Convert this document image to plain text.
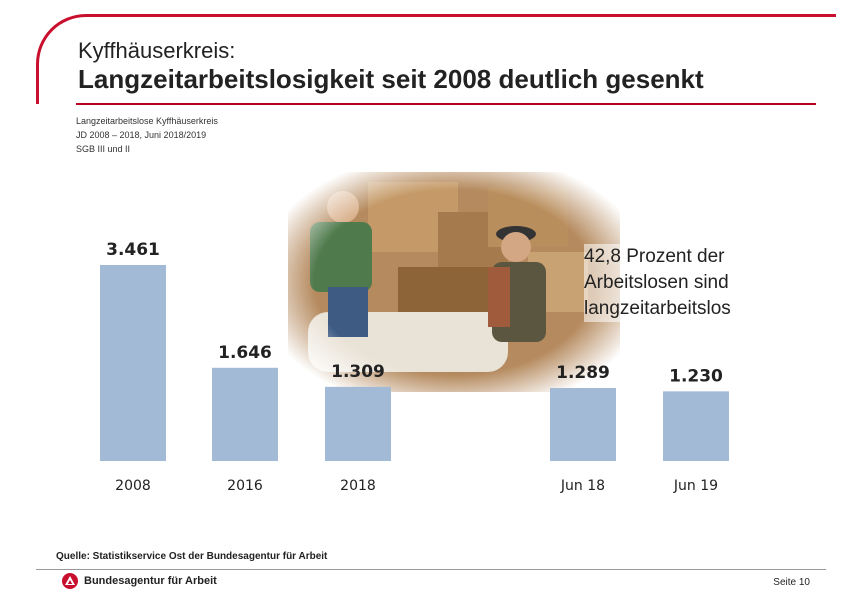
Kyffhäuserkreis:
Langzeitarbeitslosigkeit seit 2008 deutlich gesenkt
Langzeitarbeitslose Kyffhäuserkreis
JD 2008 – 2018, Juni 2018/2019
SGB III und II
42,8 Prozent der
Arbeitslosen sind
langzeitarbeitslos
3.461
2008
1.646
2016
1.309
2018
1.289
Jun 18
1.230
Jun 19
Quelle: Statistikservice Ost der Bundesagentur für Arbeit
Bundesagentur für Arbeit	Seite 10
